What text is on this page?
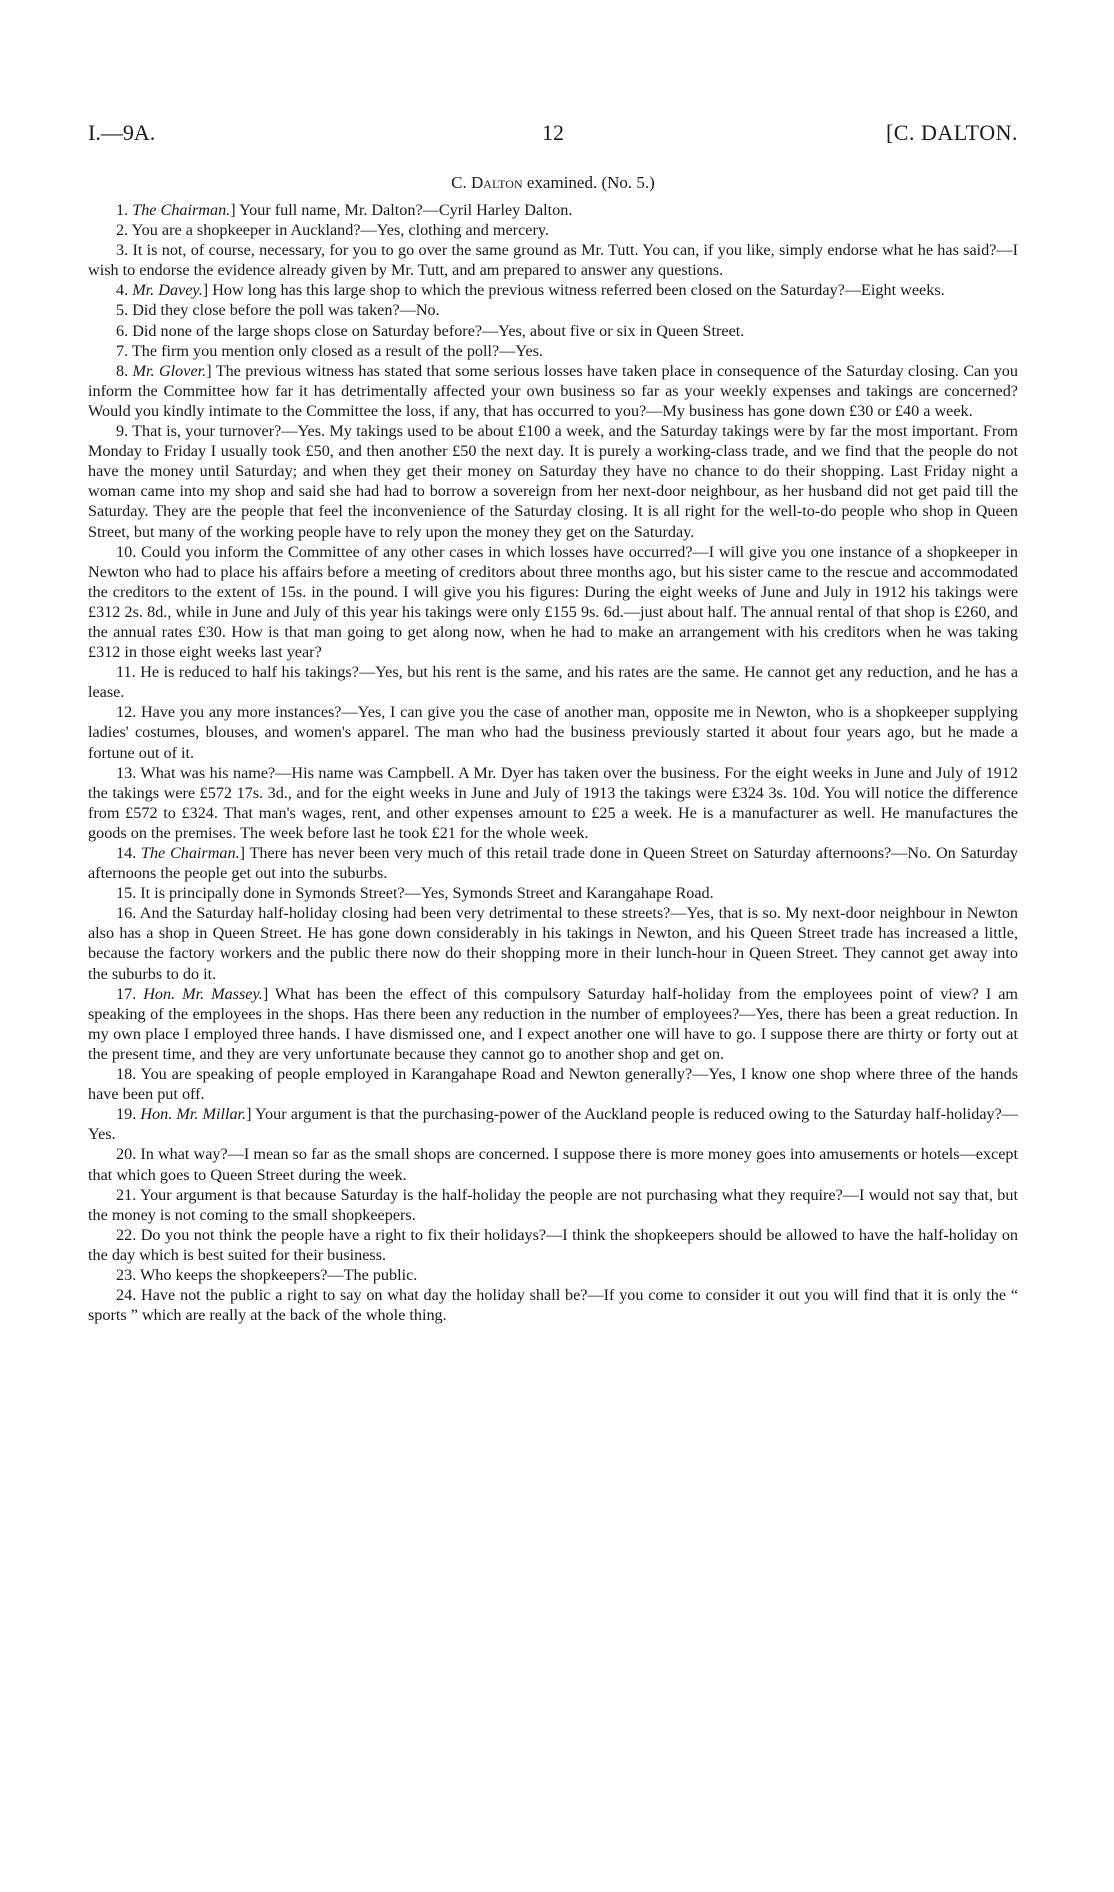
I.—9A.	12	[C. DALTON.
C. Dalton examined. (No. 5.)

1. The Chairman.] Your full name, Mr. Dalton?—Cyril Harley Dalton.

2. You are a shopkeeper in Auckland?—Yes, clothing and mercery.

3. It is not, of course, necessary, for you to go over the same ground as Mr. Tutt. You can, if you like, simply endorse what he has said?—I wish to endorse the evidence already given by Mr. Tutt, and am prepared to answer any questions.

4. Mr. Davey.] How long has this large shop to which the previous witness referred been closed on the Saturday?—Eight weeks.

5. Did they close before the poll was taken?—No.

6. Did none of the large shops close on Saturday before?—Yes, about five or six in Queen Street.

7. The firm you mention only closed as a result of the poll?—Yes.

8. Mr. Glover.] The previous witness has stated that some serious losses have taken place in consequence of the Saturday closing. Can you inform the Committee how far it has detrimentally affected your own business so far as your weekly expenses and takings are concerned? Would you kindly intimate to the Committee the loss, if any, that has occurred to you?—My business has gone down £30 or £40 a week.

9. That is, your turnover?—Yes. My takings used to be about £100 a week, and the Saturday takings were by far the most important. From Monday to Friday I usually took £50, and then another £50 the next day. It is purely a working-class trade, and we find that the people do not have the money until Saturday; and when they get their money on Saturday they have no chance to do their shopping. Last Friday night a woman came into my shop and said she had had to borrow a sovereign from her next-door neighbour, as her husband did not get paid till the Saturday. They are the people that feel the inconvenience of the Saturday closing. It is all right for the well-to-do people who shop in Queen Street, but many of the working people have to rely upon the money they get on the Saturday.

10. Could you inform the Committee of any other cases in which losses have occurred?—I will give you one instance of a shopkeeper in Newton who had to place his affairs before a meeting of creditors about three months ago, but his sister came to the rescue and accommodated the creditors to the extent of 15s. in the pound. I will give you his figures: During the eight weeks of June and July in 1912 his takings were £312 2s. 8d., while in June and July of this year his takings were only £155 9s. 6d.—just about half. The annual rental of that shop is £260, and the annual rates £30. How is that man going to get along now, when he had to make an arrangement with his creditors when he was taking £312 in those eight weeks last year?

11. He is reduced to half his takings?—Yes, but his rent is the same, and his rates are the same. He cannot get any reduction, and he has a lease.

12. Have you any more instances?—Yes, I can give you the case of another man, opposite me in Newton, who is a shopkeeper supplying ladies' costumes, blouses, and women's apparel. The man who had the business previously started it about four years ago, but he made a fortune out of it.

13. What was his name?—His name was Campbell. A Mr. Dyer has taken over the business. For the eight weeks in June and July of 1912 the takings were £572 17s. 3d., and for the eight weeks in June and July of 1913 the takings were £324 3s. 10d. You will notice the difference from £572 to £324. That man's wages, rent, and other expenses amount to £25 a week. He is a manufacturer as well. He manufactures the goods on the premises. The week before last he took £21 for the whole week.

14. The Chairman.] There has never been very much of this retail trade done in Queen Street on Saturday afternoons?—No. On Saturday afternoons the people get out into the suburbs.

15. It is principally done in Symonds Street?—Yes, Symonds Street and Karangahape Road.

16. And the Saturday half-holiday closing had been very detrimental to these streets?—Yes, that is so. My next-door neighbour in Newton also has a shop in Queen Street. He has gone down considerably in his takings in Newton, and his Queen Street trade has increased a little, because the factory workers and the public there now do their shopping more in their lunch-hour in Queen Street. They cannot get away into the suburbs to do it.

17. Hon. Mr. Massey.] What has been the effect of this compulsory Saturday half-holiday from the employees point of view? I am speaking of the employees in the shops. Has there been any reduction in the number of employees?—Yes, there has been a great reduction. In my own place I employed three hands. I have dismissed one, and I expect another one will have to go. I suppose there are thirty or forty out at the present time, and they are very unfortunate because they cannot go to another shop and get on.

18. You are speaking of people employed in Karangahape Road and Newton generally?—Yes, I know one shop where three of the hands have been put off.

19. Hon. Mr. Millar.] Your argument is that the purchasing-power of the Auckland people is reduced owing to the Saturday half-holiday?—Yes.

20. In what way?—I mean so far as the small shops are concerned. I suppose there is more money goes into amusements or hotels—except that which goes to Queen Street during the week.

21. Your argument is that because Saturday is the half-holiday the people are not purchasing what they require?—I would not say that, but the money is not coming to the small shopkeepers.

22. Do you not think the people have a right to fix their holidays?—I think the shopkeepers should be allowed to have the half-holiday on the day which is best suited for their business.

23. Who keeps the shopkeepers?—The public.

24. Have not the public a right to say on what day the holiday shall be?—If you come to consider it out you will find that it is only the “ sports ” which are really at the back of the whole thing.
